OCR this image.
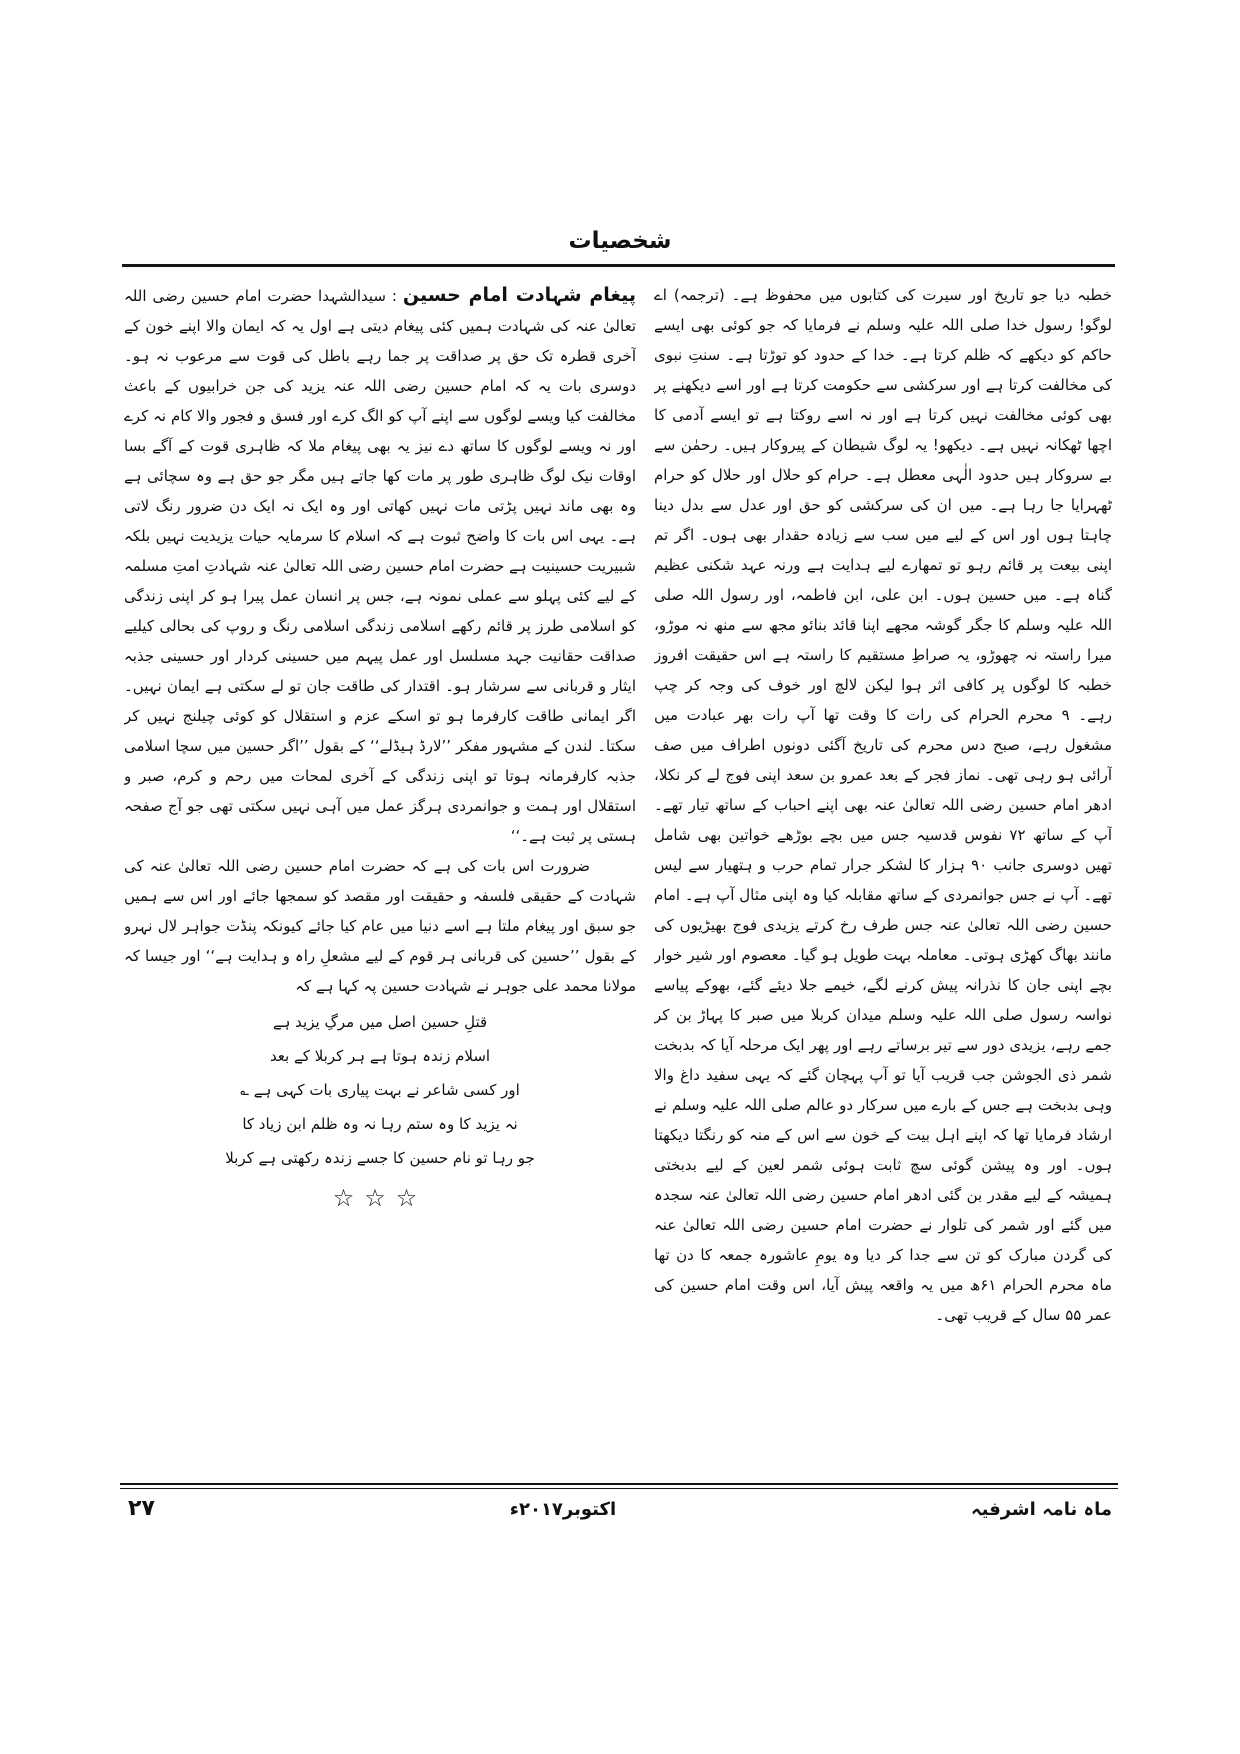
شخصیات

خطبہ دیا جو تاریخ اور سیرت کی کتابوں میں محفوظ ہے۔ (ترجمہ) اے لوگو! رسول خدا صلی اللہ علیہ وسلم نے فرمایا کہ جو کوئی بھی ایسے حاکم کو دیکھے کہ ظلم کرتا ہے۔ خدا کے حدود کو توڑتا ہے۔ سنتِ نبوی کی مخالفت کرتا ہے اور سرکشی سے حکومت کرتا ہے اور اسے دیکھنے پر بھی کوئی مخالفت نہیں کرتا ہے اور نہ اسے روکتا ہے تو ایسے آدمی کا اچھا ٹھکانہ نہیں ہے۔ دیکھو! یہ لوگ شیطان کے پیروکار ہیں۔ رحمٰن سے بے سروکار ہیں حدود الٰہی معطل ہے۔ حرام کو حلال اور حلال کو حرام ٹھہرایا جا رہا ہے۔ میں ان کی سرکشی کو حق اور عدل سے بدل دینا چاہتا ہوں اور اس کے لیے میں سب سے زیادہ حقدار بھی ہوں۔ اگر تم اپنی بیعت پر قائم رہو تو تمھارے لیے ہدایت ہے ورنہ عہد شکنی عظیم گناہ ہے۔ میں حسین ہوں۔ ابن علی، ابن فاطمہ، اور رسول اللہ صلی اللہ علیہ وسلم کا جگر گوشہ مجھے اپنا قائد بنائو مجھ سے منھ نہ موڑو، میرا راستہ نہ چھوڑو، یہ صراطِ مستقیم کا راستہ ہے اس حقیقت افروز خطبہ کا لوگوں پر کافی اثر ہوا لیکن لالچ اور خوف کی وجہ کر چپ رہے۔ ۹ محرم الحرام کی رات کا وقت تھا آپ رات بھر عبادت میں مشغول رہے، صبح دس محرم کی تاریخ آگئی دونوں اطراف میں صف آرائی ہو رہی تھی۔ نماز فجر کے بعد عمرو بن سعد اپنی فوج لے کر نکلا، ادھر امام حسین رضی اللہ تعالیٰ عنہ بھی اپنے احباب کے ساتھ تیار تھے۔ آپ کے ساتھ ۷۲ نفوس قدسیہ جس میں بچے بوڑھے خواتین بھی شامل تھیں دوسری جانب ۹۰ ہزار کا لشکر جرار تمام حرب و ہتھیار سے لیس تھے۔ آپ نے جس جوانمردی کے ساتھ مقابلہ کیا وہ اپنی مثال آپ ہے۔ امام حسین رضی اللہ تعالیٰ عنہ جس طرف رخ کرتے یزیدی فوج بھیڑیوں کی مانند بھاگ کھڑی ہوتی۔ معاملہ بہت طویل ہو گیا۔ معصوم اور شیر خوار بچے اپنی جان کا نذرانہ پیش کرنے لگے، خیمے جلا دیئے گئے، بھوکے پیاسے نواسہ رسول صلی اللہ علیہ وسلم میدان کربلا میں صبر کا پہاڑ بن کر جمے رہے، یزیدی دور سے تیر برساتے رہے اور پھر ایک مرحلہ آیا کہ بدبخت شمر ذی الجوشن جب قریب آیا تو آپ پہچان گئے کہ یہی سفید داغ والا وہی بدبخت ہے جس کے بارے میں سرکار دو عالم صلی اللہ علیہ وسلم نے ارشاد فرمایا تھا کہ اپنے اہل بیت کے خون سے اس کے منہ کو رنگتا دیکھتا ہوں۔ اور وہ پیشن گوئی سچ ثابت ہوئی شمر لعین کے لیے بدبختی ہمیشہ کے لیے مقدر بن گئی ادھر امام حسین رضی اللہ تعالیٰ عنہ سجدہ میں گئے اور شمر کی تلوار نے حضرت امام حسین رضی اللہ تعالیٰ عنہ کی گردن مبارک کو تن سے جدا کر دیا وہ یومِ عاشورہ جمعہ کا دن تھا ماہ محرم الحرام ۶۱ھ میں یہ واقعہ پیش آیا، اس وقت امام حسین کی عمر ۵۵ سال کے قریب تھی۔

پیغام شہادت امام حسین : سیدالشہدا حضرت امام حسین رضی اللہ تعالیٰ عنہ کی شہادت ہمیں کئی پیغام دیتی ہے اول یہ کہ ایمان والا اپنے خون کے آخری قطرہ تک حق پر صداقت پر جما رہے باطل کی قوت سے مرعوب نہ ہو۔ دوسری بات یہ کہ امام حسین رضی اللہ عنہ یزید کی جن خرابیوں کے باعث مخالفت کیا ویسے لوگوں سے اپنے آپ کو الگ کرے اور فسق و فجور والا کام نہ کرے اور نہ ویسے لوگوں کا ساتھ دے نیز یہ بھی پیغام ملا کہ ظاہری قوت کے آگے بسا اوقات نیک لوگ ظاہری طور پر مات کھا جاتے ہیں مگر جو حق ہے وہ سچائی ہے وہ بھی ماند نہیں پڑتی مات نہیں کھاتی اور وہ ایک نہ ایک دن ضرور رنگ لاتی ہے۔ یہی اس بات کا واضح ثبوت ہے کہ اسلام کا سرمایہ حیات یزیدیت نہیں بلکہ شبیریت حسینیت ہے حضرت امام حسین رضی اللہ تعالیٰ عنہ شہادتِ امتِ مسلمہ کے لیے کئی پہلو سے عملی نمونہ ہے، جس پر انسان عمل پیرا ہو کر اپنی زندگی کو اسلامی طرز پر قائم رکھے اسلامی زندگی اسلامی رنگ و روپ کی بحالی کیلیے صداقت حقانیت جہد مسلسل اور عمل پیہم میں حسینی کردار اور حسینی جذبہ ایثار و قربانی سے سرشار ہو۔ اقتدار کی طاقت جان تو لے سکتی ہے ایمان نہیں۔ اگر ایمانی طاقت کارفرما ہو تو اسکے عزم و استقلال کو کوئی چیلنج نہیں کر سکتا۔ لندن کے مشہور مفکر ’’لارڈ ہیڈلے‘‘ کے بقول ’’اگر حسین میں سچا اسلامی جذبہ کارفرمانہ ہوتا تو اپنی زندگی کے آخری لمحات میں رحم و کرم، صبر و استقلال اور ہمت و جوانمردی ہرگز عمل میں آہی نہیں سکتی تھی جو آج صفحہ ہستی پر ثبت ہے۔‘‘

ضرورت اس بات کی ہے کہ حضرت امام حسین رضی اللہ تعالیٰ عنہ کی شہادت کے حقیقی فلسفہ و حقیقت اور مقصد کو سمجھا جائے اور اس سے ہمیں جو سبق اور پیغام ملتا ہے اسے دنیا میں عام کیا جائے کیونکہ پنڈت جواہر لال نہرو کے بقول ’’حسین کی قربانی ہر قوم کے لیے مشعلِ راہ و ہدایت ہے‘‘ اور جیسا کہ مولانا محمد علی جوہر نے شہادت حسین پہ کہا ہے کہ

قتلِ حسین اصل میں مرگِ یزید ہے
اسلام زندہ ہوتا ہے ہر کربلا کے بعد
اور کسی شاعر نے بہت پیاری بات کہی ہے ؎
نہ یزید کا وہ ستم رہا نہ وہ ظلم ابن زیاد کا
جو رہا تو نام حسین کا جسے زندہ رکھتی ہے کربلا
☆☆☆
ماہ نامہ اشرفیہ
اکتوبر۲۰۱۷ء
۲۷
